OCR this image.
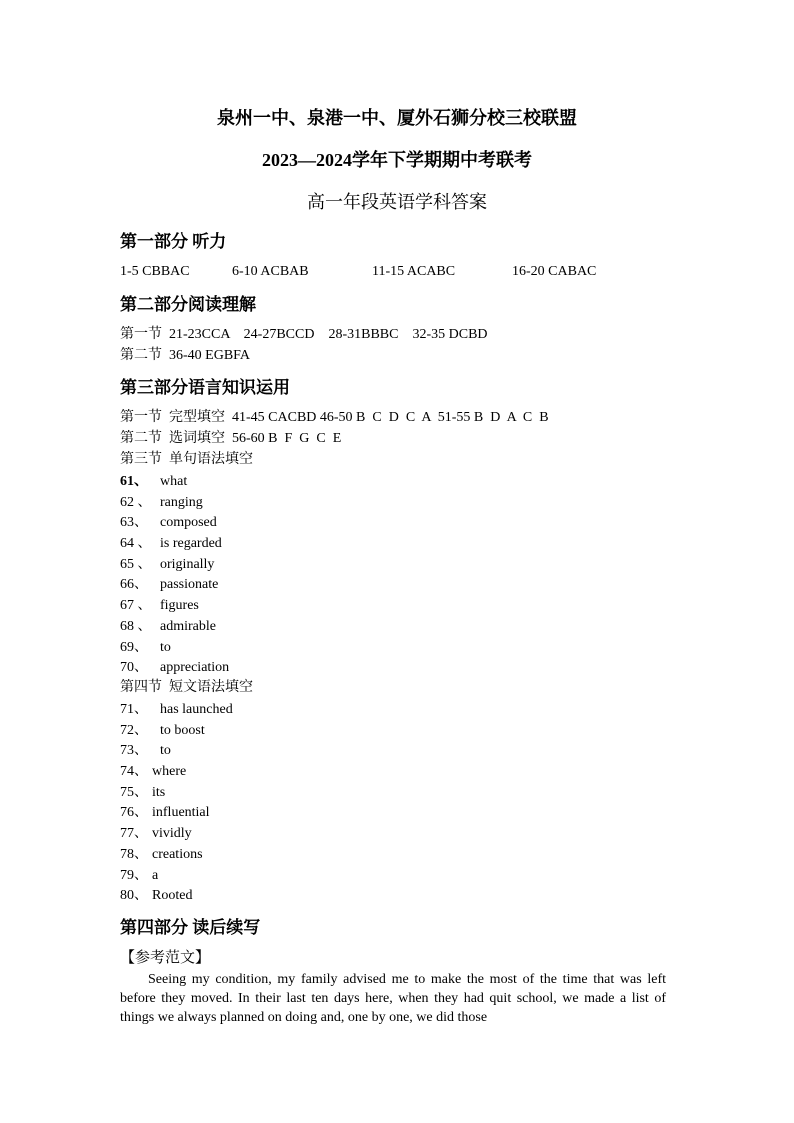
泉州一中、泉港一中、厦外石狮分校三校联盟
2023—2024学年下学期期中考联考
高一年段英语学科答案
第一部分 听力
1-5 CBBAC	6-10 ACBAB	11-15 ACABC	16-20 CABAC
第二部分阅读理解
第一节  21-23CCA    24-27BCCD    28-31BBBC    32-35 DCBD
第二节  36-40 EGBFA
第三部分语言知识运用
第一节  完型填空  41-45 CACBD 46-50 B  C  D  C  A  51-55 B  D  A  C  B
第二节  选词填空  56-60 B  F  G  C  E
第三节  单句语法填空
61、 what
62 、 ranging
63、 composed
64 、 is regarded
65 、 originally
66、 passionate
67 、 figures
68 、 admirable
69、 to
70、 appreciation
第四节  短文语法填空
71、 has launched
72、 to boost
73、 to
74、 where
75、 its
76、 influential
77、 vividly
78、 creations
79、 a
80、 Rooted
第四部分 读后续写
【参考范文】
Seeing my condition, my family advised me to make the most of the time that was left before they moved. In their last ten days here, when they had quit school, we made a list of things we always planned on doing and, one by one, we did those
